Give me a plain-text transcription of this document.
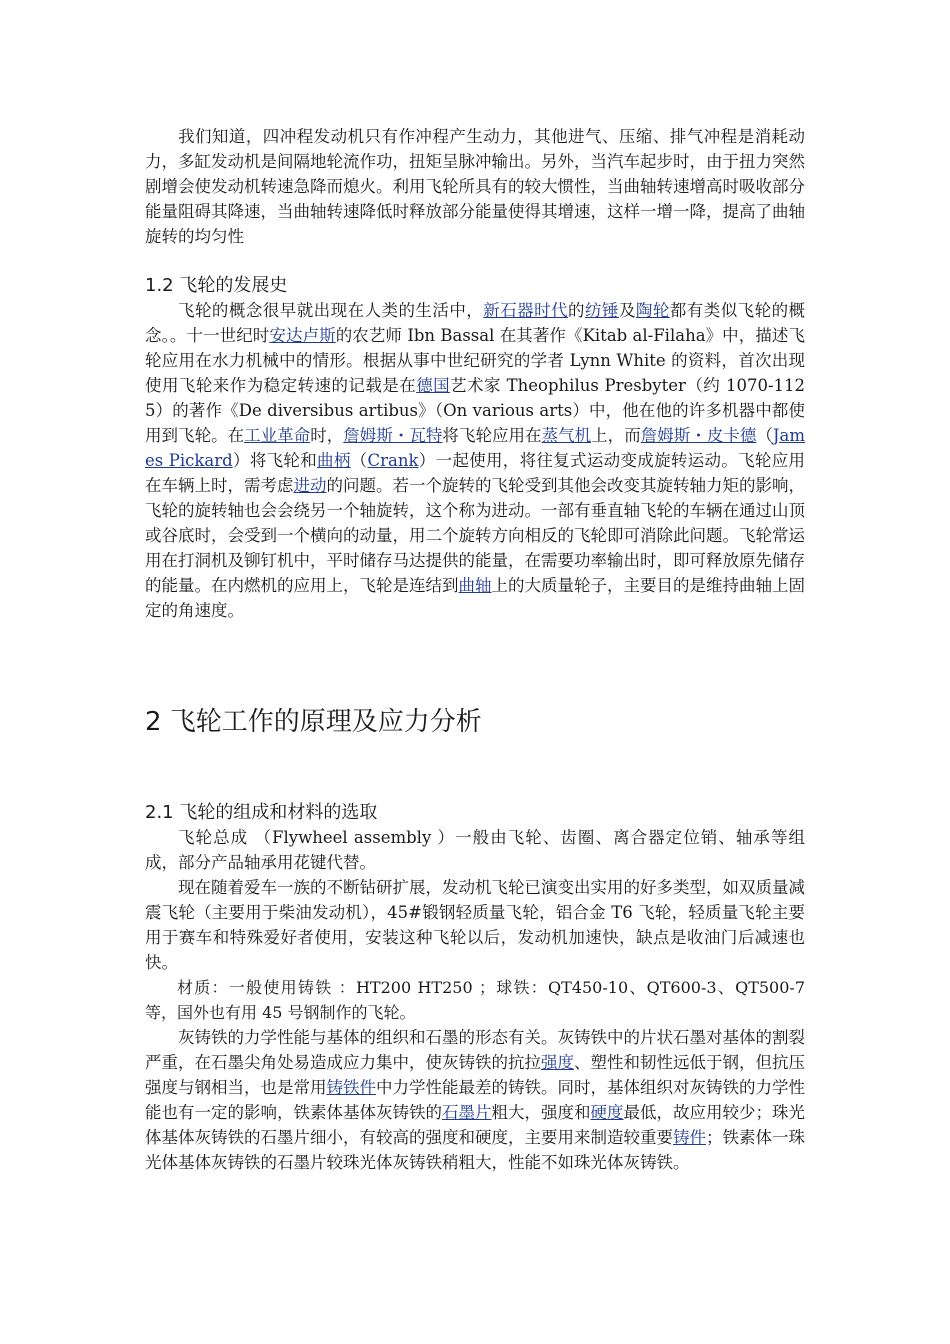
我们知道，四冲程发动机只有作冲程产生动力，其他进气、压缩、排气冲程是消耗动力，多缸发动机是间隔地轮流作功，扭矩呈脉冲输出。另外，当汽车起步时，由于扭力突然剧增会使发动机转速急降而熄火。利用飞轮所具有的较大惯性，当曲轴转速增高时吸收部分能量阻碍其降速，当曲轴转速降低时释放部分能量使得其增速，这样一增一降，提高了曲轴旋转的均匀性

1.2 飞轮的发展史

飞轮的概念很早就出现在人类的生活中，新石器时代的纺锤及陶轮都有类似飞轮的概念。。十一世纪时安达卢斯的农艺师 Ibn Bassal 在其著作《Kitab al-Filaha》中，描述飞轮应用在水力机械中的情形。根据从事中世纪研究的学者 Lynn White 的资料，首次出现使用飞轮来作为稳定转速的记载是在德国艺术家 Theophilus Presbyter（约 1070-1125）的著作《De diversibus artibus》（On various arts）中，他在他的许多机器中都使用到飞轮。在工业革命时，詹姆斯・瓦特将飞轮应用在蒸气机上，而詹姆斯・皮卡德（James Pickard）将飞轮和曲柄（Crank）一起使用，将往复式运动变成旋转运动。飞轮应用在车辆上时，需考虑进动的问题。若一个旋转的飞轮受到其他会改变其旋转轴力矩的影响，飞轮的旋转轴也会会绕另一个轴旋转，这个称为进动。一部有垂直轴飞轮的车辆在通过山顶或谷底时，会受到一个横向的动量，用二个旋转方向相反的飞轮即可消除此问题。飞轮常运用在打洞机及铆钉机中，平时储存马达提供的能量，在需要功率输出时，即可释放原先储存的能量。在内燃机的应用上，飞轮是连结到曲轴上的大质量轮子，主要目的是维持曲轴上固定的角速度。

2 飞轮工作的原理及应力分析
2.1 飞轮的组成和材料的选取

飞轮总成 （Flywheel assembly ）一般由飞轮、齿圈、离合器定位销、轴承等组成，部分产品轴承用花键代替。

现在随着爱车一族的不断钻研扩展，发动机飞轮已演变出实用的好多类型，如双质量减震飞轮（主要用于柴油发动机），45#锻钢轻质量飞轮，铝合金 T6 飞轮，轻质量飞轮主要用于赛车和特殊爱好者使用，安装这种飞轮以后，发动机加速快，缺点是收油门后减速也快。

材质：一般使用铸铁 ：HT200 HT250 ；球铁：QT450-10、QT600-3、QT500-7 等，国外也有用 45 号钢制作的飞轮。

灰铸铁的力学性能与基体的组织和石墨的形态有关。灰铸铁中的片状石墨对基体的割裂严重，在石墨尖角处易造成应力集中，使灰铸铁的抗拉强度、塑性和韧性远低于钢，但抗压强度与钢相当，也是常用铸铁件中力学性能最差的铸铁。同时，基体组织对灰铸铁的力学性能也有一定的影响，铁素体基体灰铸铁的石墨片粗大，强度和硬度最低，故应用较少；珠光体基体灰铸铁的石墨片细小，有较高的强度和硬度，主要用来制造较重要铸件；铁素体一珠光体基体灰铸铁的石墨片较珠光体灰铸铁稍粗大，性能不如珠光体灰铸铁。
